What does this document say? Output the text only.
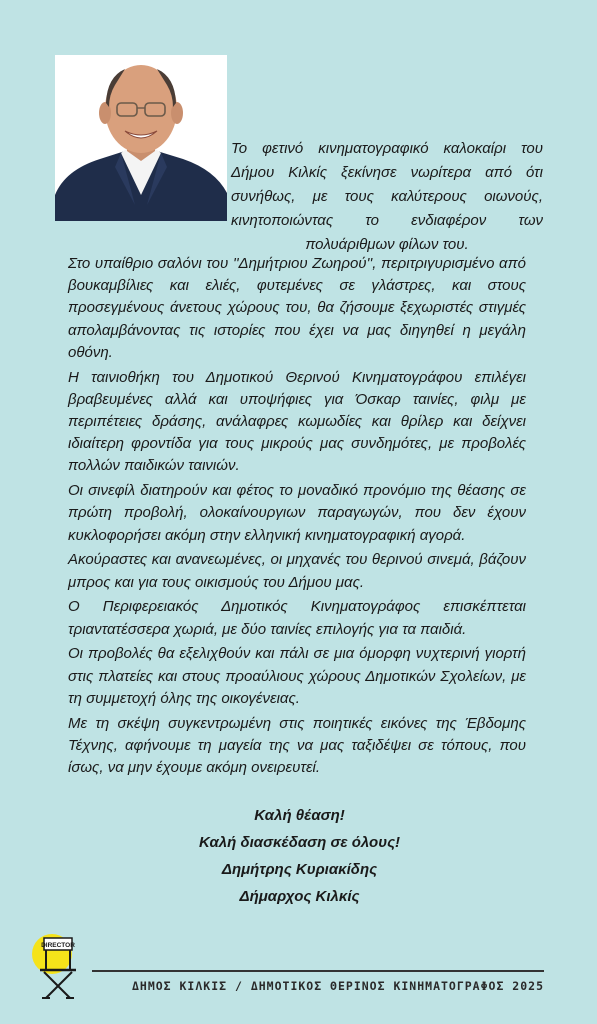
Το φετινό κινηματογραφικό καλοκαίρι του Δήμου Κιλκίς ξεκίνησε νωρίτερα από ότι συνήθως, με τους καλύτερους οιωνούς, κινητοποιώντας το ενδιαφέρον των πολυάριθμων φίλων του.

Στο υπαίθριο σαλόνι του ''Δημήτριου Ζωηρού'', περιτριγυρισμένο από βουκαμβίλιες και ελιές, φυτεμένες σε γλάστρες, και στους προσεγμένους άνετους χώρους του, θα ζήσουμε ξεχωριστές στιγμές απολαμβάνοντας τις ιστορίες που έχει να μας διηγηθεί η μεγάλη οθόνη.

Η ταινιοθήκη του Δημοτικού Θερινού Κινηματογράφου επιλέγει βραβευμένες αλλά και υποψήφιες για Όσκαρ ταινίες, φιλμ με περιπέτειες δράσης, ανάλαφρες κωμωδίες και θρίλερ και δείχνει ιδιαίτερη φροντίδα για τους μικρούς μας συνδημότες, με προβολές πολλών παιδικών ταινιών.

Οι σινεφίλ διατηρούν και φέτος το μοναδικό προνόμιο της θέασης σε πρώτη προβολή, ολοκαίνουργιων παραγωγών, που δεν έχουν κυκλοφορήσει ακόμη στην ελληνική κινηματογραφική αγορά.

Ακούραστες και ανανεωμένες, οι μηχανές του θερινού σινεμά, βάζουν μπρος και για τους οικισμούς του Δήμου μας.

Ο Περιφερειακός Δημοτικός Κινηματογράφος επισκέπτεται τριαντατέσσερα χωριά, με δύο ταινίες επιλογής για τα παιδιά.

Οι προβολές θα εξελιχθούν και πάλι σε μια όμορφη νυχτερινή γιορτή στις πλατείες και στους προαύλιους χώρους Δημοτικών Σχολείων, με τη συμμετοχή όλης της οικογένειας.

Με τη σκέψη συγκεντρωμένη στις ποιητικές εικόνες της Έβδομης Τέχνης, αφήνουμε τη μαγεία της να μας ταξιδέψει σε τόπους, που ίσως, να μην έχουμε ακόμη ονειρευτεί.

Καλή θέαση!
Καλή διασκέδαση σε όλους!
Δημήτρης Κυριακίδης
Δήμαρχος Κιλκίς
DIRECTOR
ΔΗΜΟΣ ΚΙΛΚΙΣ / ΔΗΜΟΤΙΚΟΣ ΘΕΡΙΝΟΣ ΚΙΝΗΜΑΤΟΓΡΑΦΟΣ 2025
